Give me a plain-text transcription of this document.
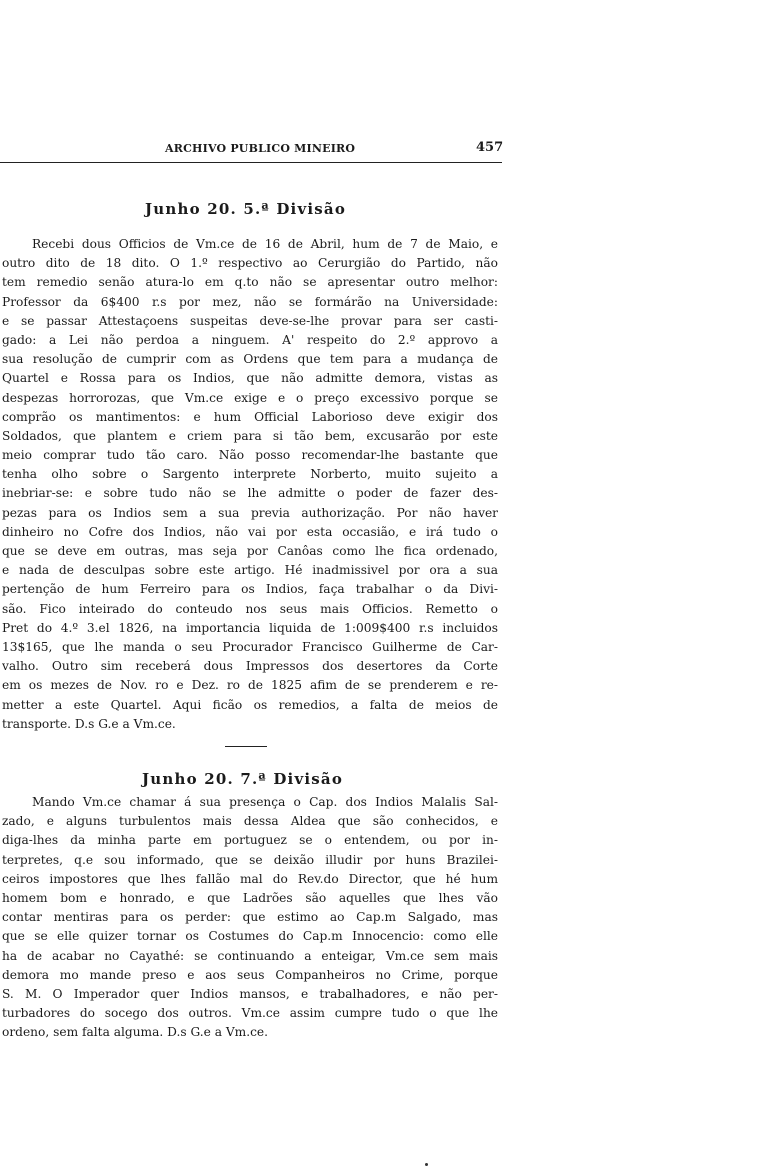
ARCHIVO PUBLICO MINEIRO	457
Junho 20. 5.ª Divisão
Recebi dous Officios de Vm.ce de 16 de Abril, hum de 7 de Maio, e
outro dito de 18 dito. O 1.º respectivo ao Cerurgião do Partido, não
tem remedio senão atura-lo em q.to não se apresentar outro melhor:
Professor da 6$400 r.s por mez, não se formárão na Universidade:
e se passar Attestaçoens suspeitas deve-se-lhe provar para ser casti-
gado: a Lei não perdoa a ninguem. A' respeito do 2.º approvo a
sua resolução de cumprir com as Ordens que tem para a mudança de
Quartel e Rossa para os Indios, que não admitte demora, vistas as
despezas horrorozas, que Vm.ce exige e o preço excessivo porque se
comprão os mantimentos: e hum Official Laborioso deve exigir dos
Soldados, que plantem e criem para si tão bem, excusarão por este
meio comprar tudo tão caro. Não posso recomendar-lhe bastante que
tenha olho sobre o Sargento interprete Norberto, muito sujeito a
inebriar-se: e sobre tudo não se lhe admitte o poder de fazer des-
pezas para os Indios sem a sua previa authorização. Por não haver
dinheiro no Cofre dos Indios, não vai por esta occasião, e irá tudo o
que se deve em outras, mas seja por Canôas como lhe fica ordenado,
e nada de desculpas sobre este artigo. Hé inadmissivel por ora a sua
pertenção de hum Ferreiro para os Indios, faça trabalhar o da Divi-
são. Fico inteirado do conteudo nos seus mais Officios. Remetto o
Pret do 4.º 3.el 1826, na importancia liquida de 1:009$400 r.s incluidos
13$165, que lhe manda o seu Procurador Francisco Guilherme de Car-
valho. Outro sim receberá dous Impressos dos desertores da Corte
em os mezes de Nov. ro e Dez. ro de 1825 afim de se prenderem e re-
metter a este Quartel. Aqui ficão os remedios, a falta de meios de
transporte. D.s G.e a Vm.ce.
Junho 20. 7.ª Divisão
Mando Vm.ce chamar á sua presença o Cap. dos Indios Malalis Sal-
zado, e alguns turbulentos mais dessa Aldea que são conhecidos, e
diga-lhes da minha parte em portuguez se o entendem, ou por in-
terpretes, q.e sou informado, que se deixão illudir por huns Brazilei-
ceiros impostores que lhes fallão mal do Rev.do Director, que hé hum
homem bom e honrado, e que Ladrões são aquelles que lhes vão
contar mentiras para os perder: que estimo ao Cap.m Salgado, mas
que se elle quizer tornar os Costumes do Cap.m Innocencio: como elle
ha de acabar no Cayathé: se continuando a enteigar, Vm.ce sem mais
demora mo mande preso e aos seus Companheiros no Crime, porque
S. M. O Imperador quer Indios mansos, e trabalhadores, e não per-
turbadores do socego dos outros. Vm.ce assim cumpre tudo o que lhe
ordeno, sem falta alguma. D.s G.e a Vm.ce.
